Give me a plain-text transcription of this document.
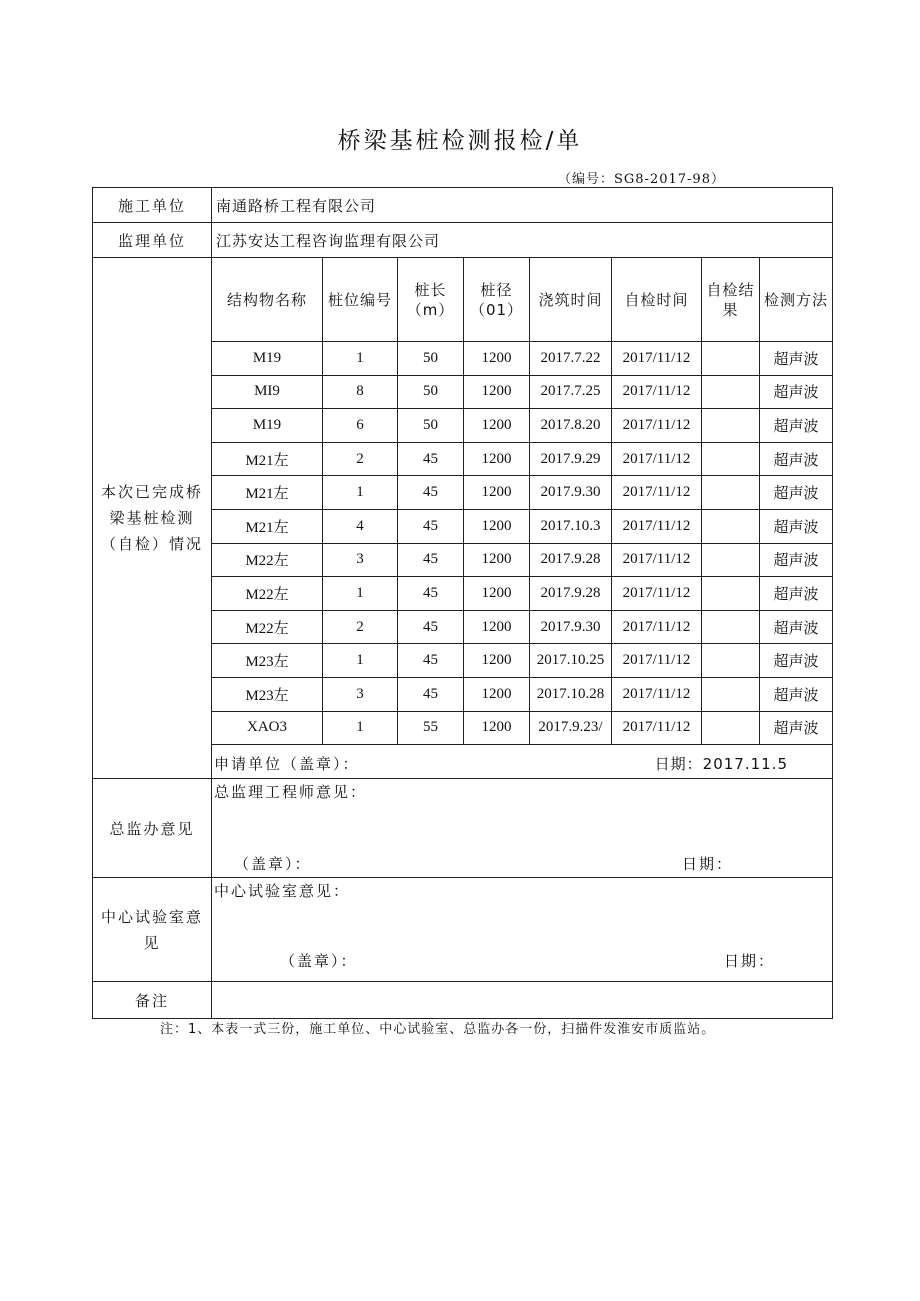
桥梁基桩检测报检/单
（编号：SG8-2017-98）
施工单位	南通路桥工程有限公司							
监理单位	江苏安达工程咨询监理有限公司							
本次已完成桥梁基桩检测（自检）情况	结构物名称	桩位编号	桩长（m）	桩径（01）	浇筑时间	自检时间	自检结果	检测方法
	M19	1	50	1200	2017.7.22	2017/11/12		超声波
	MI9	8	50	1200	2017.7.25	2017/11/12		超声波
	M19	6	50	1200	2017.8.20	2017/11/12		超声波
	M21左	2	45	1200	2017.9.29	2017/11/12		超声波
	M21左	1	45	1200	2017.9.30	2017/11/12		超声波
	M21左	4	45	1200	2017.10.3	2017/11/12		超声波
	M22左	3	45	1200	2017.9.28	2017/11/12		超声波
	M22左	1	45	1200	2017.9.28	2017/11/12		超声波
	M22左	2	45	1200	2017.9.30	2017/11/12		超声波
	M23左	1	45	1200	2017.10.25	2017/11/12		超声波
	M23左	3	45	1200	2017.10.28	2017/11/12		超声波
	XAO3	1	55	1200	2017.9.23/	2017/11/12		超声波

	申请单位（盖章）： 日期：2017.11.5							

总监办意见	总监理工程师意见：
（盖章）： 日期：							

中心试验室意见	中心试验室意见：
（盖章）： 日期：							

备注								
注：1、本表一式三份，施工单位、中心试验室、总监办各一份，扫描件发淮安市质监站。
